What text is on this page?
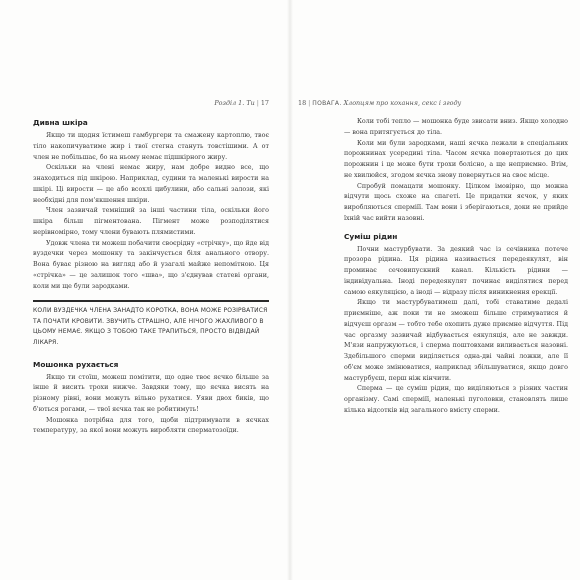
Розділ 1. Ти | 17
Дивна шкіра

Якщо ти щодня їстимеш гамбургери та смажену картоплю, твоє тіло накопичуватиме жир і твої стегна стануть товстішими. А от член не побільшає, бо на ньому немає підшкірного жиру.

Оскільки на члені немає жиру, нам добре видно все, що знаходиться під шкірою. Наприклад, судини та маленькі вирости на шкірі. Ці вирости — це або всохлі цибулини, або сальні залози, які необхідні для пом'якшення шкіри.

Член зазвичай темніший за інші частини тіла, оскільки його шкіра більш пігментована. Пігмент може розподілятися нерівномірно, тому члени бувають плямистими.

Удовж члена ти можеш побачити своєрідну «стрічку», що йде від вуздечки через мошонку та закінчується біля анального отвору. Вона буває різною на вигляд або й узагалі майже непомітною. Ця «стрічка» — це залишок того «шва», що з'єднував статеві органи, коли ми ще були зародками.

КОЛИ ВУЗДЕЧКА ЧЛЕНА ЗАНАДТО КОРОТКА, ВОНА МОЖЕ РОЗІРВАТИСЯ ТА ПОЧАТИ КРОВИТИ. ЗВУЧИТЬ СТРАШНО, АЛЕ НІЧОГО ЖАХЛИВОГО В ЦЬОМУ НЕМАЄ. ЯКЩО З ТОБОЮ ТАКЕ ТРАПИТЬСЯ, ПРОСТО ВІДВІДАЙ ЛІКАРЯ.

Мошонка рухається

Якщо ти стоїш, можеш помітити, що одне твоє яєчко більше за інше й висить трохи нижче. Завдяки тому, що яєчка висять на різному рівні, вони можуть вільно рухатися. Уяви двох биків, що б'ються рогами, — твої яєчка так не робитимуть!

Мошонка потрібна для того, щоби підтримувати в яєчках температуру, за якої вони можуть виробляти сперматозоїди.

18 | ПОВАГА. Хлопцям про кохання, секс і згоду

Коли тобі тепло — мошонка буде звисати вниз. Якщо холодно — вона притягується до тіла.

Коли ми були зародками, наші яєчка лежали в спеціальних порожнинах усередині тіла. Часом яєчка повертаються до цих порожнин і це може бути трохи болісно, а ще неприємно. Втім, не хвилюйся, згодом яєчка знову повернуться на своє місце.

Спробуй помацати мошонку. Цілком імовірно, що можна відчути щось схоже на спагеті. Це придатки яєчок, у яких виробляються сперміїї. Там вони і зберігаються, доки не прийде їхній час вийти назовні.

Суміш рідин

Почни мастурбувати. За деякий час із сечівника потече прозора рідина. Ця рідина називається передеякулят, він проминає сечовипускний канал. Кількість рідини — індивідуальна. Іноді передеякулят починає виділятися перед самою еякуляцією, а іноді — відразу після виникнення ерекції.

Якщо ти мастурбуватимеш далі, тобі ставатиме дедалі приємніше, аж поки ти не зможеш більше стримуватися й відчуєш оргазм — тобто тебе охопить дуже приємне відчуття. Під час оргазму зазвичай відбувається еякуляція, але не завжди. М'язи напружуються, і сперма поштовхами виливається назовні. Здебільшого сперми виділяється одна-дві чайні ложки, але її об'єм може змінюватися, наприклад збільшуватися, якщо довго мастурбуєш, перш ніж кінчити.

Сперма — це суміш рідин, що виділяються з різних частин організму. Самі сперміїї, маленькі пуголовки, становлять лише кілька відсотків від загального вмісту сперми.
